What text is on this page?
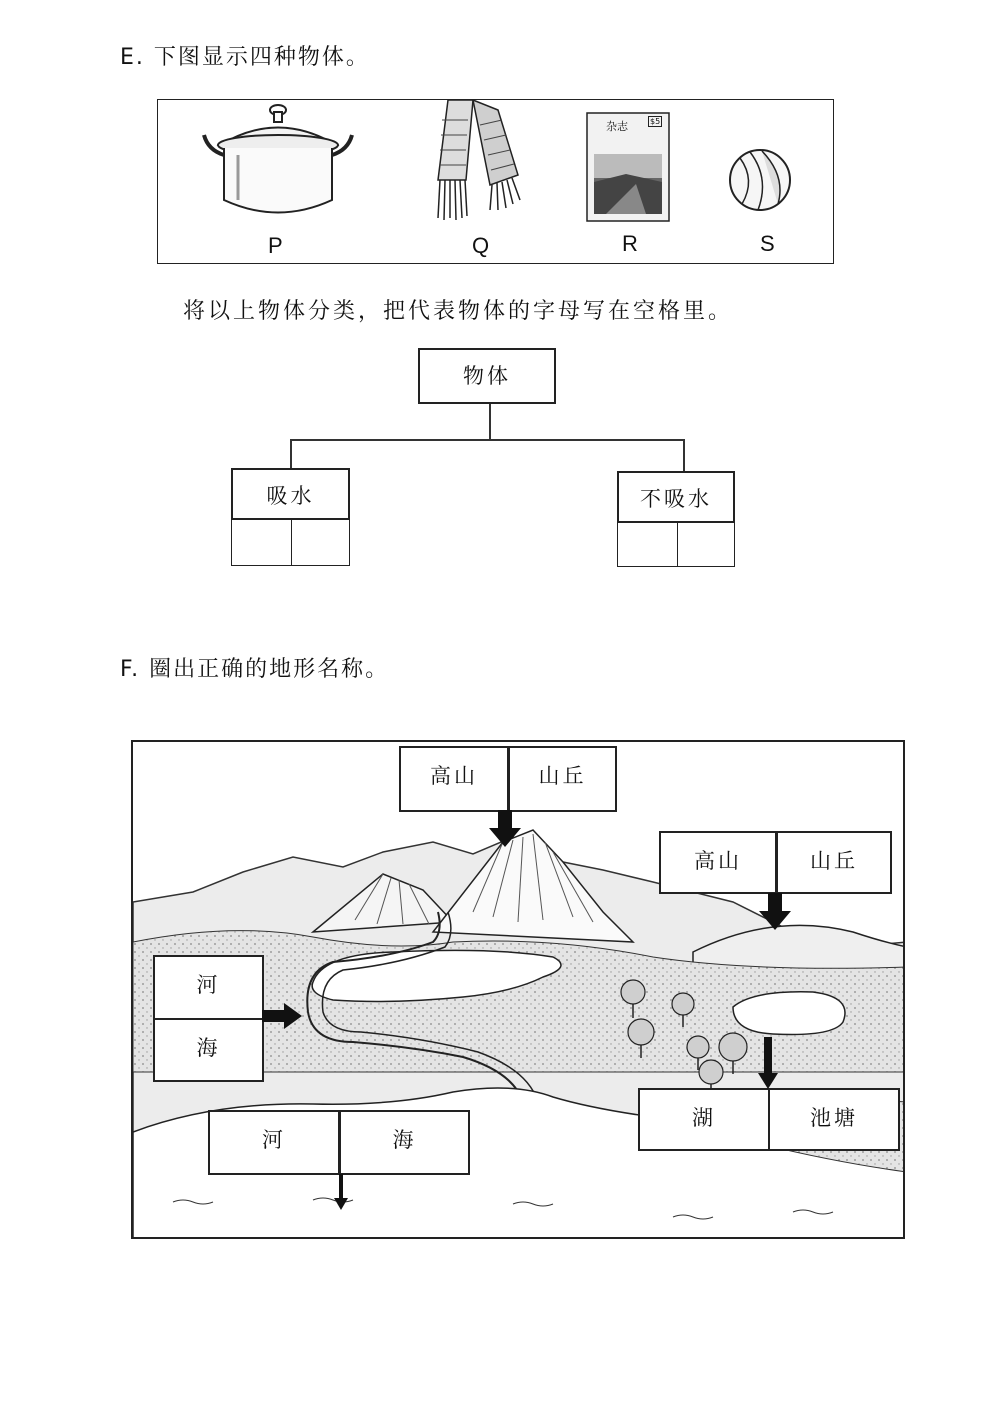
E. 下图显示四种物体。
杂志	$5
P	Q	R	S
将以上物体分类，把代表物体的字母写在空格里。
物体
吸水	不吸水
F. 圈出正确的地形名称。
高山	山丘
高山	山丘
河
海
湖	池塘
河	海
